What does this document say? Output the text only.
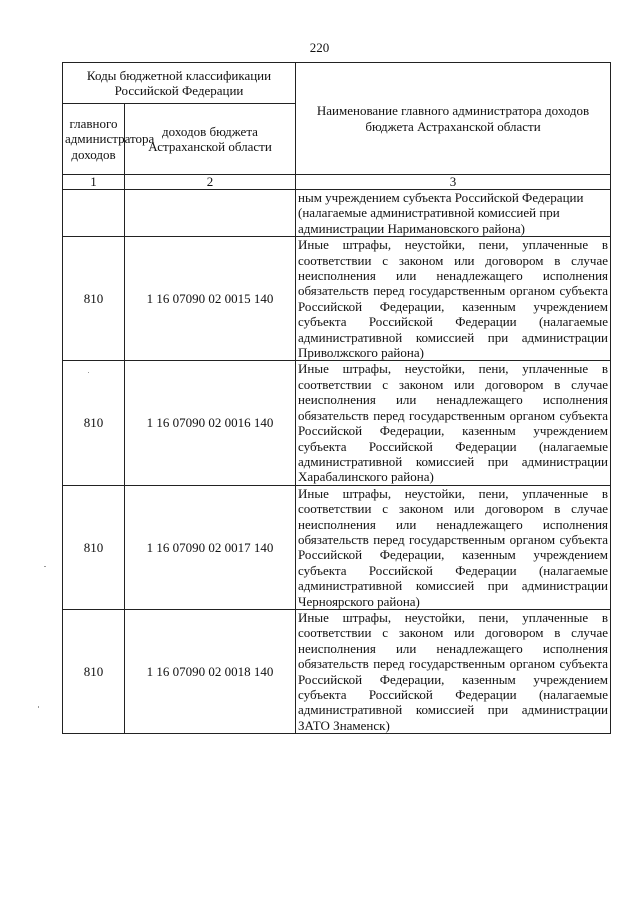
220
Коды бюджетной классификации Российской Федерации		Наименование главного администратора доходов бюджета Астраханской области
главного администратора доходов	доходов бюджета Астраханской области	
1	2	3
		ным учреждением субъекта Российской Федерации (налагаемые административной комиссией при администрации Наримановского района)
810	1 16 07090 02 0015 140	Иные штрафы, неустойки, пени, уплаченные в соответствии с законом или договором в случае неисполнения или ненадлежащего исполнения обязательств перед государственным органом субъекта Российской Федерации, казенным учреждением субъекта Российской Федерации (налагаемые административной комиссией при администрации Приволжского района)
810	1 16 07090 02 0016 140	Иные штрафы, неустойки, пени, уплаченные в соответствии с законом или договором в случае неисполнения или ненадлежащего исполнения обязательств перед государственным органом субъекта Российской Федерации, казенным учреждением субъекта Российской Федерации (налагаемые административной комиссией при администрации Харабалинского района)
810	1 16 07090 02 0017 140	Иные штрафы, неустойки, пени, уплаченные в соответствии с законом или договором в случае неисполнения или ненадлежащего исполнения обязательств перед государственным органом субъекта Российской Федерации, казенным учреждением субъекта Российской Федерации (налагаемые административной комиссией при администрации Черноярского района)
810	1 16 07090 02 0018 140	Иные штрафы, неустойки, пени, уплаченные в соответствии с законом или договором в случае неисполнения или ненадлежащего исполнения обязательств перед государственным органом субъекта Российской Федерации, казенным учреждением субъекта Российской Федерации (налагаемые административной комиссией при администрации ЗАТО Знаменск)
